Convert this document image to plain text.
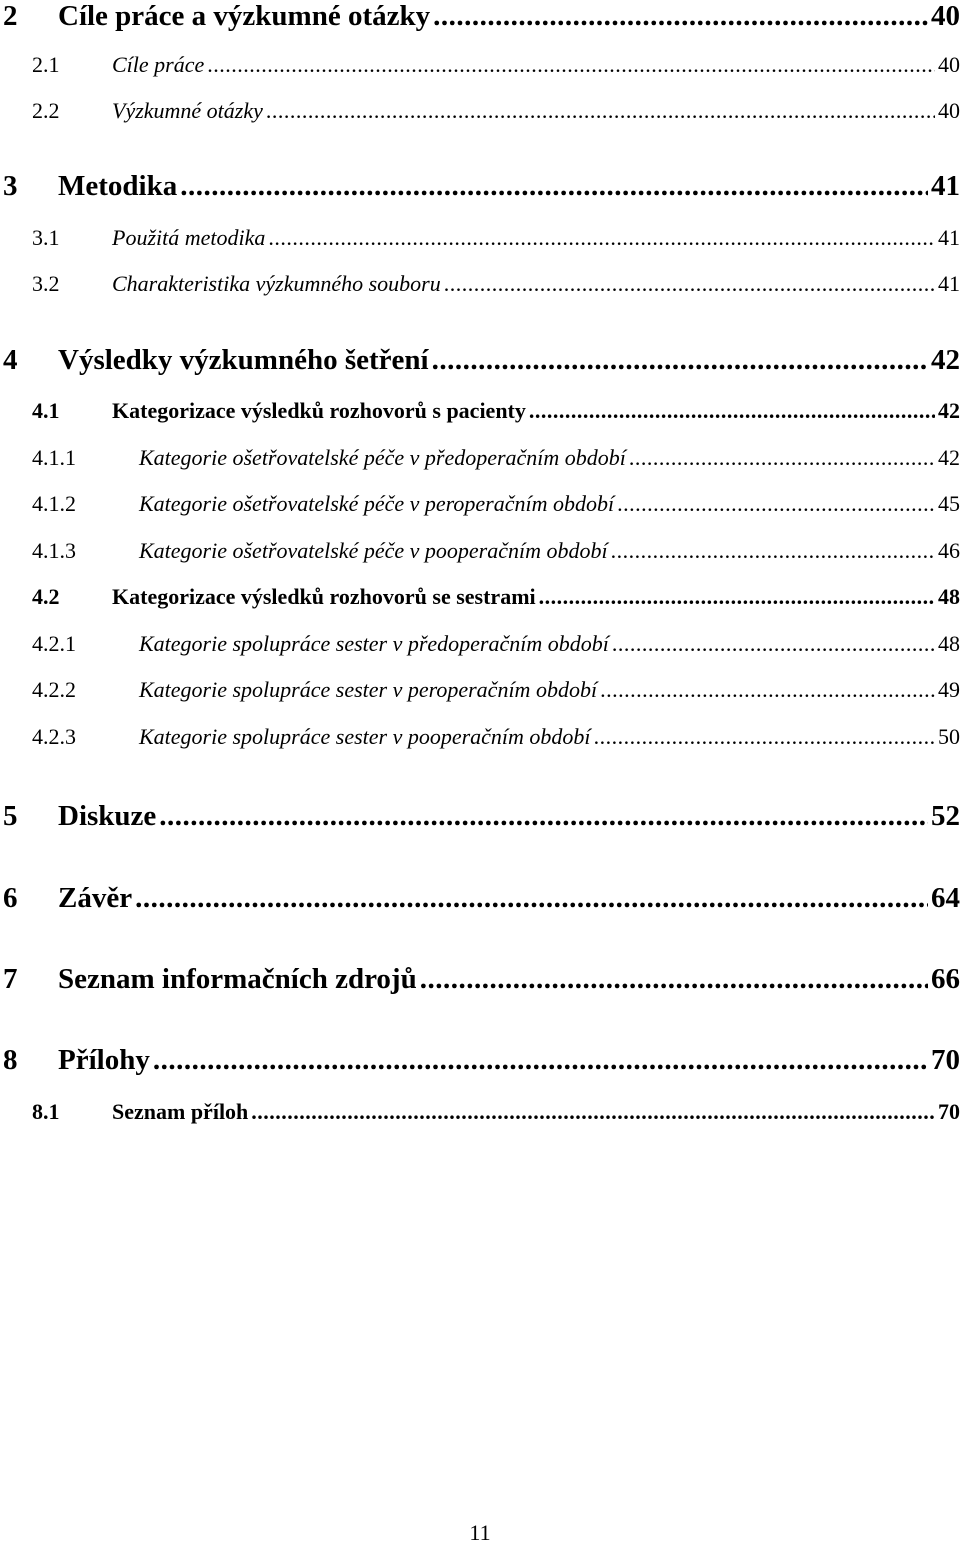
2	Cíle práce a výzkumné otázky .....	40
2.1	Cíle práce .....	40
2.2	Výzkumné otázky .....	40
3	Metodika .....	41
3.1	Použitá metodika .....	41
3.2	Charakteristika výzkumného souboru .....	41
4	Výsledky výzkumného šetření .....	42
4.1	Kategorizace výsledků rozhovorů s pacienty .....	42
4.1.1	Kategorie ošetřovatelské péče v předoperačním období .....	42
4.1.2	Kategorie ošetřovatelské péče v peroperačním období .....	45
4.1.3	Kategorie ošetřovatelské péče v pooperačním období .....	46
4.2	Kategorizace výsledků rozhovorů se sestrami .....	48
4.2.1	Kategorie spolupráce sester v předoperačním období .....	48
4.2.2	Kategorie spolupráce sester v peroperačním období .....	49
4.2.3	Kategorie spolupráce sester v pooperačním období .....	50
5	Diskuze .....	52
6	Závěr .....	64
7	Seznam informačních zdrojů .....	66
8	Přílohy .....	70
8.1	Seznam příloh .....	70
11
